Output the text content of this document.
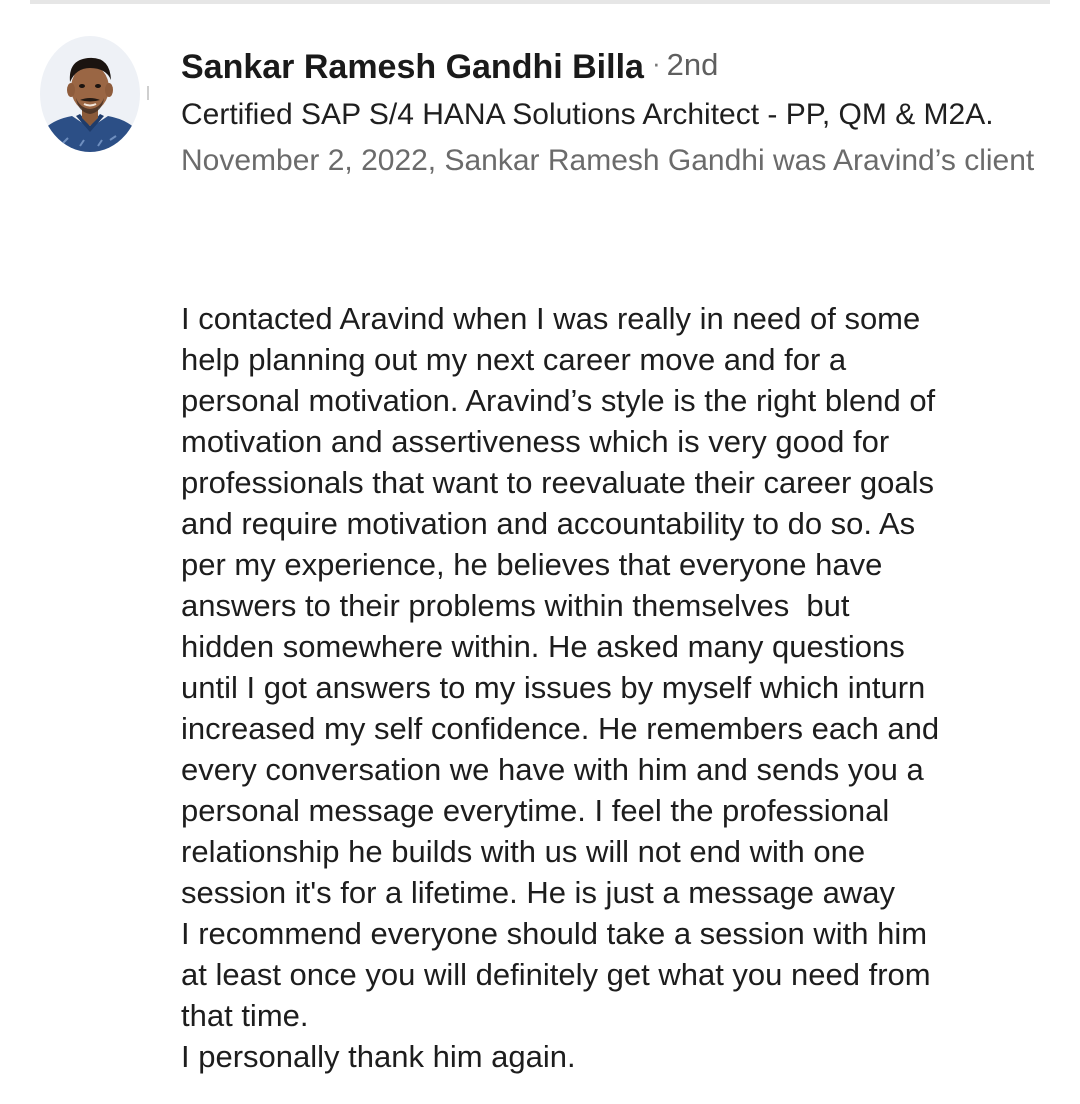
Sankar Ramesh Gandhi Billa · 2nd
Certified SAP S/4 HANA Solutions Architect - PP, QM & M2A.
November 2, 2022, Sankar Ramesh Gandhi was Aravind’s client
I contacted Aravind when I was really in need of some
help planning out my next career move and for a
personal motivation. Aravind’s style is the right blend of
motivation and assertiveness which is very good for
professionals that want to reevaluate their career goals
and require motivation and accountability to do so. As
per my experience, he believes that everyone have
answers to their problems within themselves  but
hidden somewhere within. He asked many questions
until I got answers to my issues by myself which inturn
increased my self confidence. He remembers each and
every conversation we have with him and sends you a
personal message everytime. I feel the professional
relationship he builds with us will not end with one
session it's for a lifetime. He is just a message away
I recommend everyone should take a session with him
at least once you will definitely get what you need from
that time.
I personally thank him again.
